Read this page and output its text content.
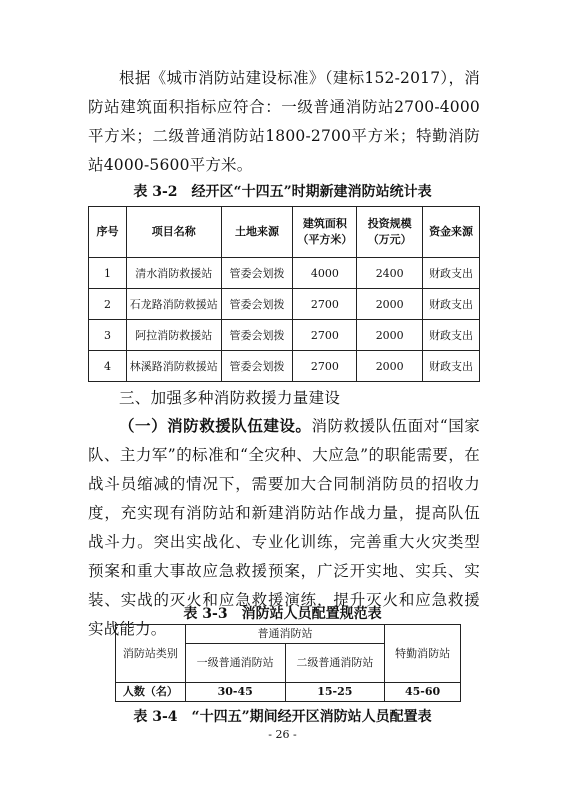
根据《城市消防站建设标准》（建标152-2017），消防站建筑面积指标应符合：一级普通消防站2700-4000平方米；二级普通消防站1800-2700平方米；特勤消防站4000-5600平方米。

表 3-2　经开区“十四五”时期新建消防站统计表

序号	项目名称	土地来源	建筑面积（平方米）	投资规模（万元）	资金来源
1	清水消防救援站	管委会划拨	4000	2400	财政支出
2	石龙路消防救援站	管委会划拨	2700	2000	财政支出
3	阿拉消防救援站	管委会划拨	2700	2000	财政支出
4	林溪路消防救援站	管委会划拨	2700	2000	财政支出

三、加强多种消防救援力量建设

（一）消防救援队伍建设。消防救援队伍面对“国家队、主力军”的标准和“全灾种、大应急”的职能需要，在战斗员缩减的情况下，需要加大合同制消防员的招收力度，充实现有消防站和新建消防站作战力量，提高队伍战斗力。突出实战化、专业化训练，完善重大火灾类型预案和重大事故应急救援预案，广泛开实地、实兵、实装、实战的灭火和应急救援演练，提升灭火和应急救援实战能力。

表 3-3　消防站人员配置规范表

消防站类别	普通消防站		特勤消防站
	一级普通消防站	二级普通消防站	
人数（名）	30-45	15-25	45-60

表 3-4　“十四五”期间经开区消防站人员配置表

- 26 -
